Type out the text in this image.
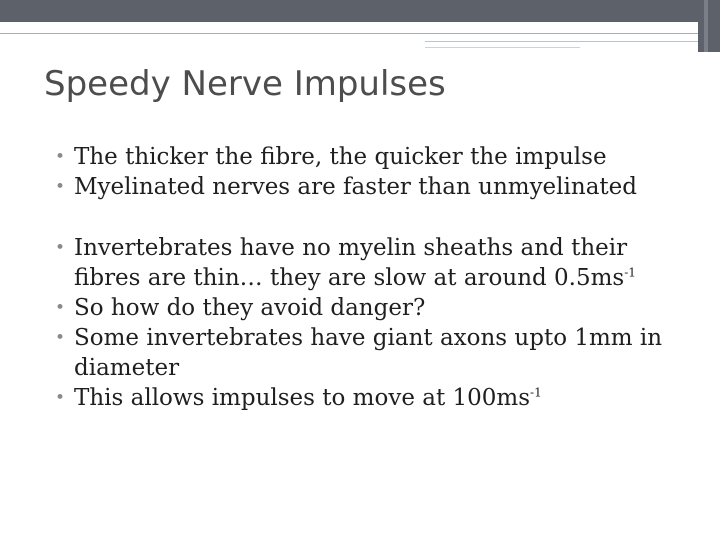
Speedy Nerve Impulses
• The thicker the fibre, the quicker the impulse
• Myelinated nerves are faster than unmyelinated
• Invertebrates have no myelin sheaths and their fibres are thin… they are slow at around $0.5ms^{-1}$
• So how do they avoid danger?
• Some invertebrates have giant axons upto 1mm in diameter
• This allows impulses to move at $100ms^{-1}$
